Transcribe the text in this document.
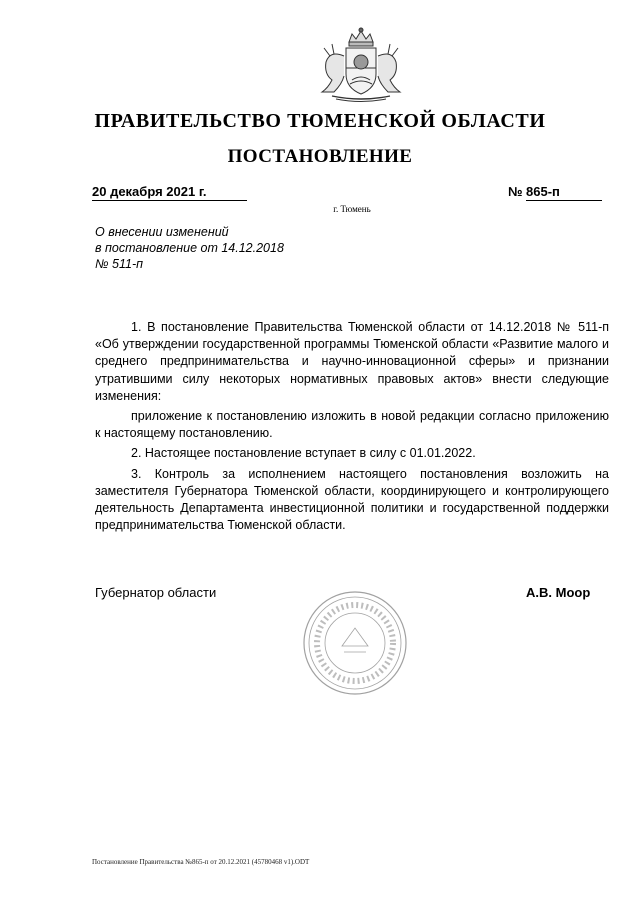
ПРАВИТЕЛЬСТВО ТЮМЕНСКОЙ ОБЛАСТИ
ПОСТАНОВЛЕНИЕ
20 декабря 2021 г.	№ 865-п
г. Тюмень
О внесении изменений
в постановление от 14.12.2018
№ 511-п

1. В постановление Правительства Тюменской области от 14.12.2018 № 511-п «Об утверждении государственной программы Тюменской области «Развитие малого и среднего предпринимательства и научно-инновационной сферы» и признании утратившими силу некоторых нормативных правовых актов» внести следующие изменения:

приложение к постановлению изложить в новой редакции согласно приложению к настоящему постановлению.

2. Настоящее постановление вступает в силу с 01.01.2022.

3. Контроль за исполнением настоящего постановления возложить на заместителя Губернатора Тюменской области, координирующего и контролирующего деятельность Департамента инвестиционной политики и государственной поддержки предпринимательства Тюменской области.

Губернатор области	А.В. Моор
Постановление Правительства №865-п от 20.12.2021 (45780468 v1).ODT
